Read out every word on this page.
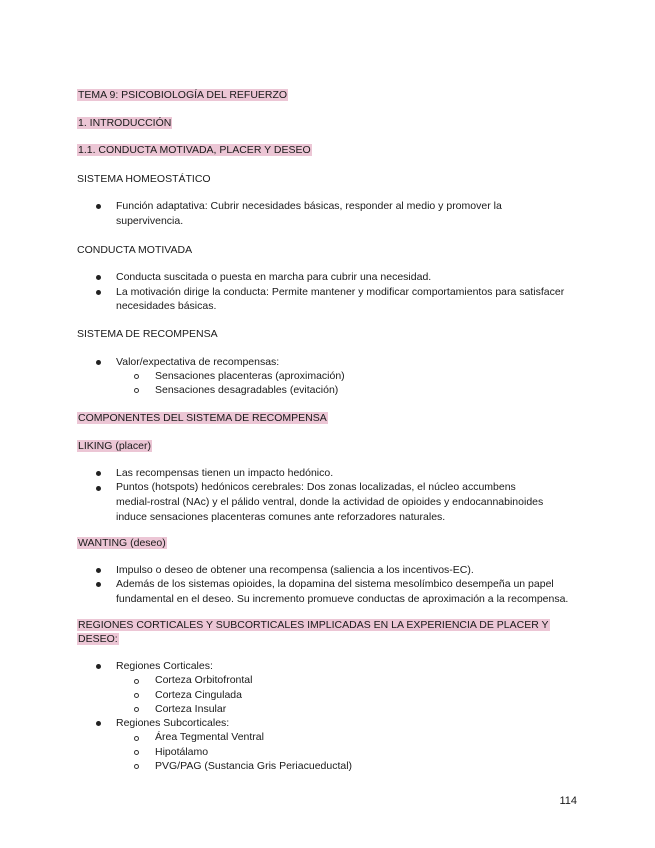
TEMA 9: PSICOBIOLOGÍA DEL REFUERZO
1. INTRODUCCIÓN
1.1. CONDUCTA MOTIVADA, PLACER Y DESEO
SISTEMA HOMEOSTÁTICO
Función adaptativa: Cubrir necesidades básicas, responder al medio y promover la
supervivencia.
CONDUCTA MOTIVADA
Conducta suscitada o puesta en marcha para cubrir una necesidad.
La motivación dirige la conducta: Permite mantener y modificar comportamientos para satisfacer
necesidades básicas.
SISTEMA DE RECOMPENSA
Valor/expectativa de recompensas:
Sensaciones placenteras (aproximación)
Sensaciones desagradables (evitación)
COMPONENTES DEL SISTEMA DE RECOMPENSA
LIKING (placer)
Las recompensas tienen un impacto hedónico.
Puntos (hotspots) hedónicos cerebrales: Dos zonas localizadas, el núcleo accumbens
medial-rostral (NAc) y el pálido ventral, donde la actividad de opioides y endocannabinoides
induce sensaciones placenteras comunes ante reforzadores naturales.
WANTING (deseo)
Impulso o deseo de obtener una recompensa (saliencia a los incentivos-EC).
Además de los sistemas opioides, la dopamina del sistema mesolímbico desempeña un papel
fundamental en el deseo. Su incremento promueve conductas de aproximación a la recompensa.
REGIONES CORTICALES Y SUBCORTICALES IMPLICADAS EN LA EXPERIENCIA DE PLACER Y
DESEO:
Regiones Corticales:
Corteza Orbitofrontal
Corteza Cingulada
Corteza Insular
Regiones Subcorticales:
Área Tegmental Ventral
Hipotálamo
PVG/PAG (Sustancia Gris Periacueductal)
114
